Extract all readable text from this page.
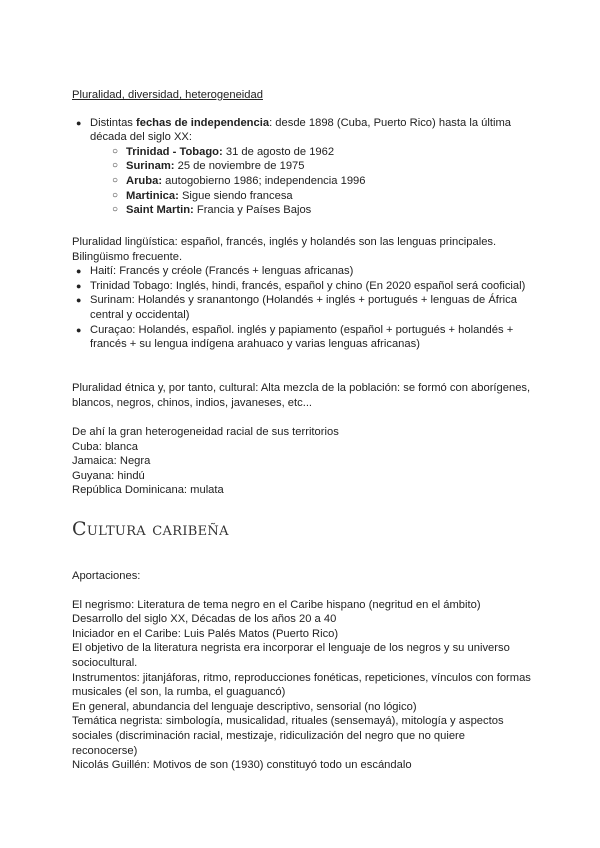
Pluralidad, diversidad, heterogeneidad

● Distintas fechas de independencia: desde 1898 (Cuba, Puerto Rico) hasta la última década del siglo XX:
○ Trinidad - Tobago: 31 de agosto de 1962
○ Surinam: 25 de noviembre de 1975
○ Aruba: autogobierno 1986; independencia 1996
○ Martinica: Sigue siendo francesa
○ Saint Martin: Francia y Países Bajos

Pluralidad lingüística: español, francés, inglés y holandés son las lenguas principales.

Bilingüismo frecuente.

● Haití: Francés y créole (Francés + lenguas africanas)
● Trinidad Tobago: Inglés, hindi, francés, español y chino (En 2020 español será cooficial)
● Surinam: Holandés y sranantongo (Holandés + inglés + portugués + lenguas de África central y occidental)
● Curaçao: Holandés, español. inglés y papiamento (español + portugués + holandés + francés + su lengua indígena arahuaco y varias lenguas africanas)

Pluralidad étnica y, por tanto, cultural: Alta mezcla de la población: se formó con aborígenes, blancos, negros, chinos, indios, javaneses, etc...

De ahí la gran heterogeneidad racial de sus territorios

Cuba: blanca

Jamaica: Negra

Guyana: hindú

República Dominicana: mulata

Cultura caribeña

Aportaciones:

El negrismo: Literatura de tema negro en el Caribe hispano (negritud en el ámbito)

Desarrollo del siglo XX, Décadas de los años 20 a 40

Iniciador en el Caribe: Luis Palés Matos (Puerto Rico)

El objetivo de la literatura negrista era incorporar el lenguaje de los negros y su universo sociocultural.

Instrumentos: jitanjáforas, ritmo, reproducciones fonéticas, repeticiones, vínculos con formas musicales (el son, la rumba, el guaguancó)

En general, abundancia del lenguaje descriptivo, sensorial (no lógico)

Temática negrista: simbología, musicalidad, rituales (sensemayá), mitología y aspectos sociales (discriminación racial, mestizaje, ridiculización del negro que no quiere reconocerse)

Nicolás Guillén: Motivos de son (1930) constituyó todo un escándalo
